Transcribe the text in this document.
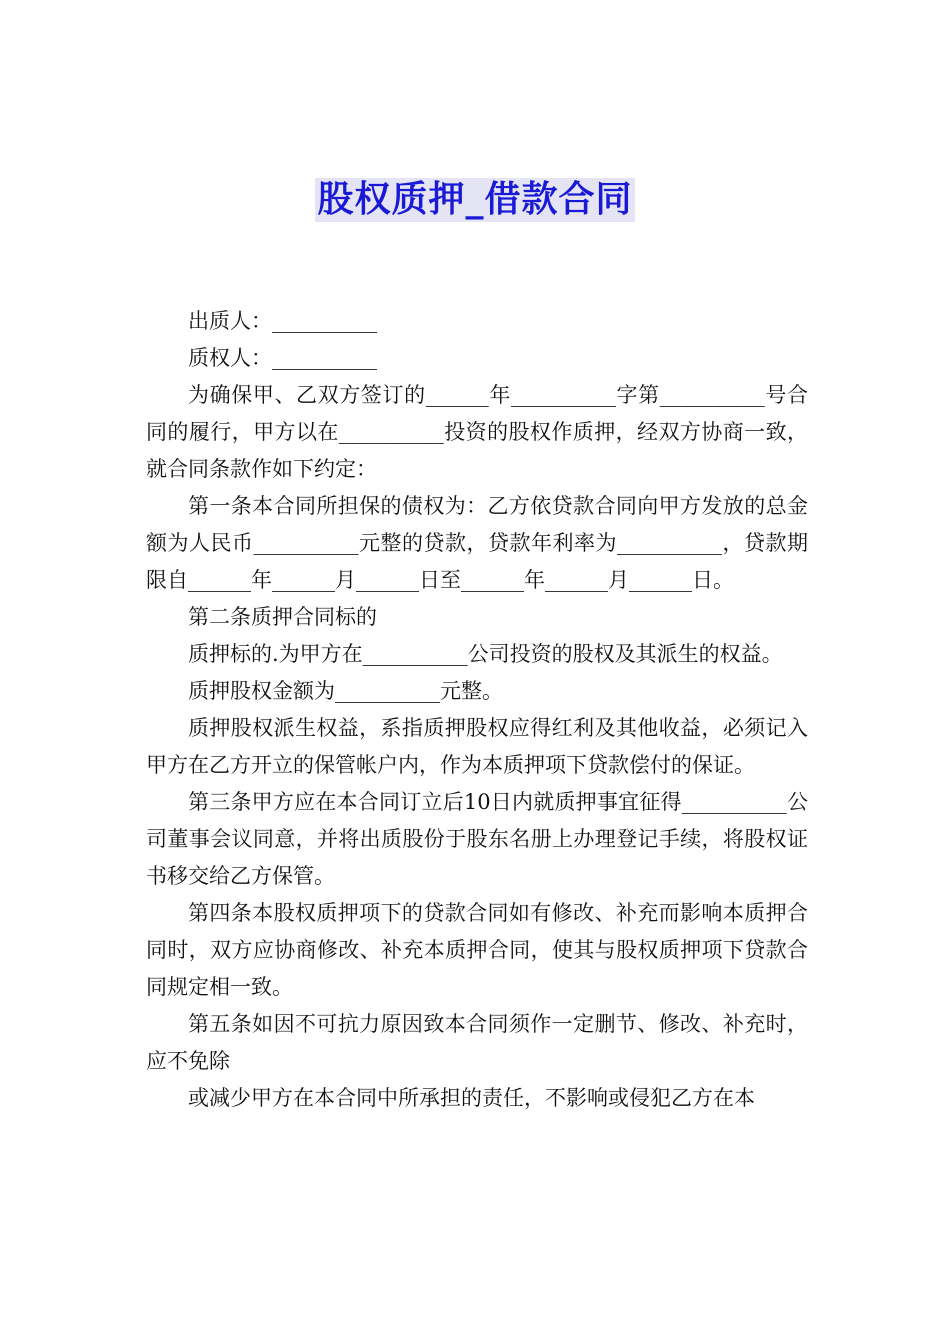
股权质押_借款合同

出质人：__________

质权人：__________

为确保甲、乙双方签订的______年__________字第__________号合同的履行，甲方以在__________投资的股权作质押，经双方协商一致，就合同条款作如下约定：

第一条本合同所担保的债权为：乙方依贷款合同向甲方发放的总金额为人民币__________元整的贷款，贷款年利率为__________，贷款期限自______年______月______日至______年______月______日。

第二条质押合同标的

质押标的.为甲方在__________公司投资的股权及其派生的权益。

质押股权金额为__________元整。

质押股权派生权益，系指质押股权应得红利及其他收益，必须记入甲方在乙方开立的保管帐户内，作为本质押项下贷款偿付的保证。

第三条甲方应在本合同订立后10日内就质押事宜征得__________公司董事会议同意，并将出质股份于股东名册上办理登记手续，将股权证书移交给乙方保管。

第四条本股权质押项下的贷款合同如有修改、补充而影响本质押合同时，双方应协商修改、补充本质押合同，使其与股权质押项下贷款合同规定相一致。

第五条如因不可抗力原因致本合同须作一定删节、修改、补充时，应不免除

或减少甲方在本合同中所承担的责任，不影响或侵犯乙方在本
